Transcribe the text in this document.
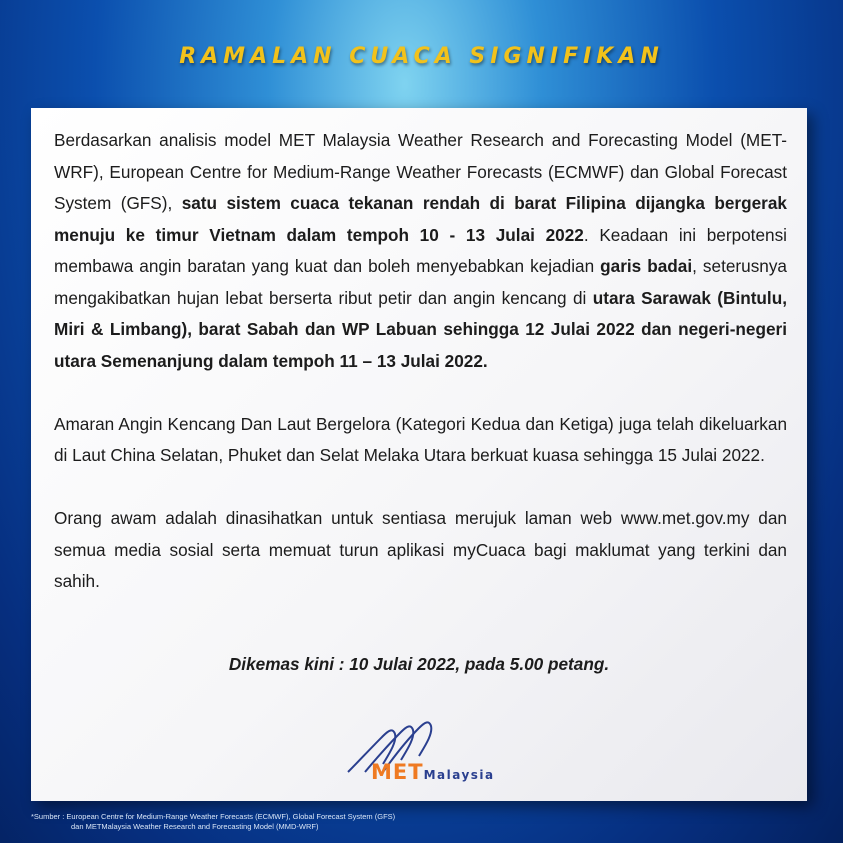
RAMALAN CUACA SIGNIFIKAN

Berdasarkan analisis model MET Malaysia Weather Research and Forecasting Model (MET-WRF), European Centre for Medium-Range Weather Forecasts (ECMWF) dan Global Forecast System (GFS), satu sistem cuaca tekanan rendah di barat Filipina dijangka bergerak menuju ke timur Vietnam dalam tempoh 10 - 13 Julai 2022. Keadaan ini berpotensi membawa angin baratan yang kuat dan boleh menyebabkan kejadian garis badai, seterusnya mengakibatkan hujan lebat berserta ribut petir dan angin kencang di utara Sarawak (Bintulu, Miri & Limbang), barat Sabah dan WP Labuan sehingga 12 Julai 2022 dan negeri-negeri utara Semenanjung dalam tempoh 11 – 13 Julai 2022.

Amaran Angin Kencang Dan Laut Bergelora (Kategori Kedua dan Ketiga) juga telah dikeluarkan di Laut China Selatan, Phuket dan Selat Melaka Utara berkuat kuasa sehingga 15 Julai 2022.

Orang awam adalah dinasihatkan untuk sentiasa merujuk laman web www.met.gov.my dan semua media sosial serta memuat turun aplikasi myCuaca bagi maklumat yang terkini dan sahih.

Dikemas kini : 10 Julai 2022, pada 5.00 petang.
METMalaysia
*Sumber : European Centre for Medium-Range Weather Forecasts (ECMWF), Global Forecast System (GFS)
dan METMalaysia Weather Research and Forecasting Model (MMD-WRF)
